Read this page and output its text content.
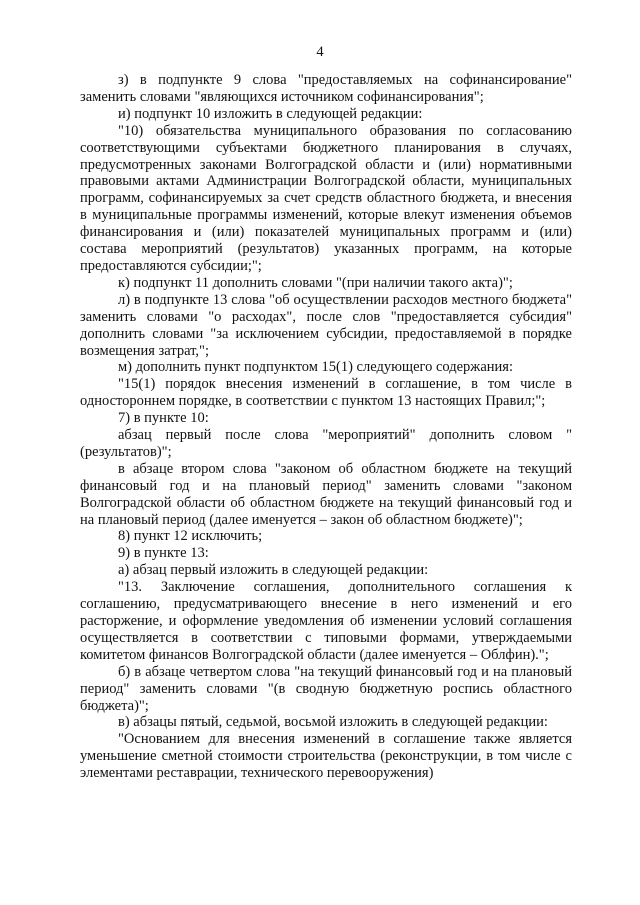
4

з) в подпункте 9 слова "предоставляемых на софинансирование" заменить словами "являющихся источником софинансирования";

и) подпункт 10 изложить в следующей редакции:

"10) обязательства муниципального образования по согласованию соответствующими субъектами бюджетного планирования в случаях, предусмотренных законами Волгоградской области и (или) нормативными правовыми актами Администрации Волгоградской области, муниципальных программ, софинансируемых за счет средств областного бюджета, и внесения в муниципальные программы изменений, которые влекут изменения объемов финансирования и (или) показателей муниципальных программ и (или) состава мероприятий (результатов) указанных программ, на которые предоставляются субсидии;";

к) подпункт 11 дополнить словами "(при наличии такого акта)";

л) в подпункте 13 слова "об осуществлении расходов местного бюджета" заменить словами "о расходах", после слов "предоставляется субсидия" дополнить словами "за исключением субсидии, предоставляемой в порядке возмещения затрат,";

м) дополнить пункт подпунктом 15(1) следующего содержания:

"15(1) порядок внесения изменений в соглашение, в том числе в одностороннем порядке, в соответствии с пунктом 13 настоящих Правил;";

7) в пункте 10:

абзац первый после слова "мероприятий" дополнить словом "(результатов)";

в абзаце втором слова "законом об областном бюджете на текущий финансовый год и на плановый период" заменить словами "законом Волгоградской области об областном бюджете на текущий финансовый год и на плановый период (далее именуется – закон об областном бюджете)";

8) пункт 12 исключить;

9) в пункте 13:

а) абзац первый изложить в следующей редакции:

"13. Заключение соглашения, дополнительного соглашения к соглашению, предусматривающего внесение в него изменений и его расторжение, и оформление уведомления об изменении условий соглашения осуществляется в соответствии с типовыми формами, утверждаемыми комитетом финансов Волгоградской области (далее именуется – Облфин).";

б) в абзаце четвертом слова "на текущий финансовый год и на плановый период" заменить словами "(в сводную бюджетную роспись областного бюджета)";

в) абзацы пятый, седьмой, восьмой изложить в следующей редакции:

"Основанием для внесения изменений в соглашение также является уменьшение сметной стоимости строительства (реконструкции, в том числе с элементами реставрации, технического перевооружения)
